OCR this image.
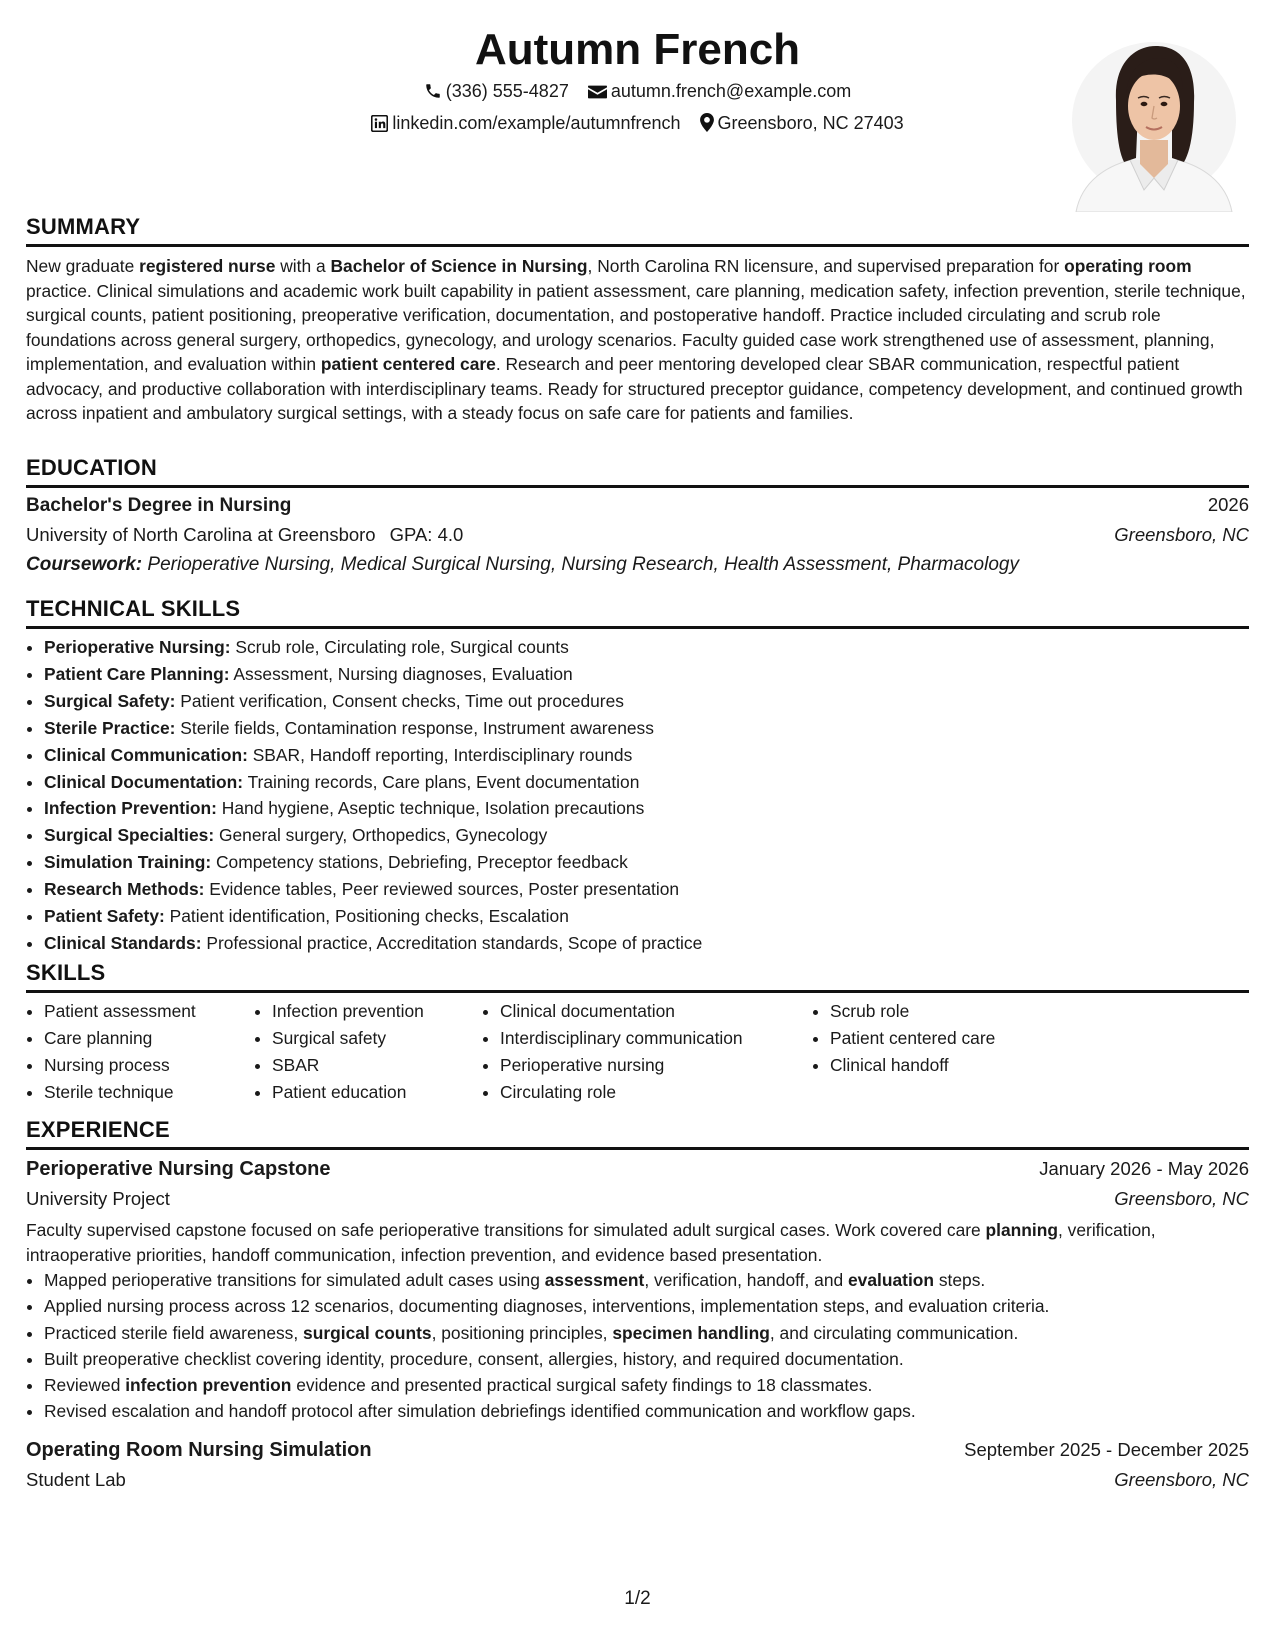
Autumn French
(336) 555-4827 autumn.french@example.com
linkedin.com/example/autumnfrench Greensboro, NC 27403
SUMMARY
New graduate registered nurse with a Bachelor of Science in Nursing, North Carolina RN licensure, and supervised preparation for operating room practice. Clinical simulations and academic work built capability in patient assessment, care planning, medication safety, infection prevention, sterile technique, surgical counts, patient positioning, preoperative verification, documentation, and postoperative handoff. Practice included circulating and scrub role foundations across general surgery, orthopedics, gynecology, and urology scenarios. Faculty guided case work strengthened use of assessment, planning, implementation, and evaluation within patient centered care. Research and peer mentoring developed clear SBAR communication, respectful patient advocacy, and productive collaboration with interdisciplinary teams. Ready for structured preceptor guidance, competency development, and continued growth across inpatient and ambulatory surgical settings, with a steady focus on safe care for patients and families.
EDUCATION
Bachelor's Degree in Nursing	2026
University of North Carolina at Greensboro GPA: 4.0	Greensboro, NC
Coursework: Perioperative Nursing, Medical Surgical Nursing, Nursing Research, Health Assessment, Pharmacology
TECHNICAL SKILLS
• Perioperative Nursing: Scrub role, Circulating role, Surgical counts
• Patient Care Planning: Assessment, Nursing diagnoses, Evaluation
• Surgical Safety: Patient verification, Consent checks, Time out procedures
• Sterile Practice: Sterile fields, Contamination response, Instrument awareness
• Clinical Communication: SBAR, Handoff reporting, Interdisciplinary rounds
• Clinical Documentation: Training records, Care plans, Event documentation
• Infection Prevention: Hand hygiene, Aseptic technique, Isolation precautions
• Surgical Specialties: General surgery, Orthopedics, Gynecology
• Simulation Training: Competency stations, Debriefing, Preceptor feedback
• Research Methods: Evidence tables, Peer reviewed sources, Poster presentation
• Patient Safety: Patient identification, Positioning checks, Escalation
• Clinical Standards: Professional practice, Accreditation standards, Scope of practice
SKILLS
• Patient assessment
• Care planning
• Nursing process
• Sterile technique
• Infection prevention
• Surgical safety
• SBAR
• Patient education
• Clinical documentation
• Interdisciplinary communication
• Perioperative nursing
• Circulating role
• Scrub role
• Patient centered care
• Clinical handoff
EXPERIENCE
Perioperative Nursing Capstone	January 2026 - May 2026
University Project	Greensboro, NC
Faculty supervised capstone focused on safe perioperative transitions for simulated adult surgical cases. Work covered care planning, verification, intraoperative priorities, handoff communication, infection prevention, and evidence based presentation.
• Mapped perioperative transitions for simulated adult cases using assessment, verification, handoff, and evaluation steps.
• Applied nursing process across 12 scenarios, documenting diagnoses, interventions, implementation steps, and evaluation criteria.
• Practiced sterile field awareness, surgical counts, positioning principles, specimen handling, and circulating communication.
• Built preoperative checklist covering identity, procedure, consent, allergies, history, and required documentation.
• Reviewed infection prevention evidence and presented practical surgical safety findings to 18 classmates.
• Revised escalation and handoff protocol after simulation debriefings identified communication and workflow gaps.
Operating Room Nursing Simulation	September 2025 - December 2025
Student Lab	Greensboro, NC
1/2
